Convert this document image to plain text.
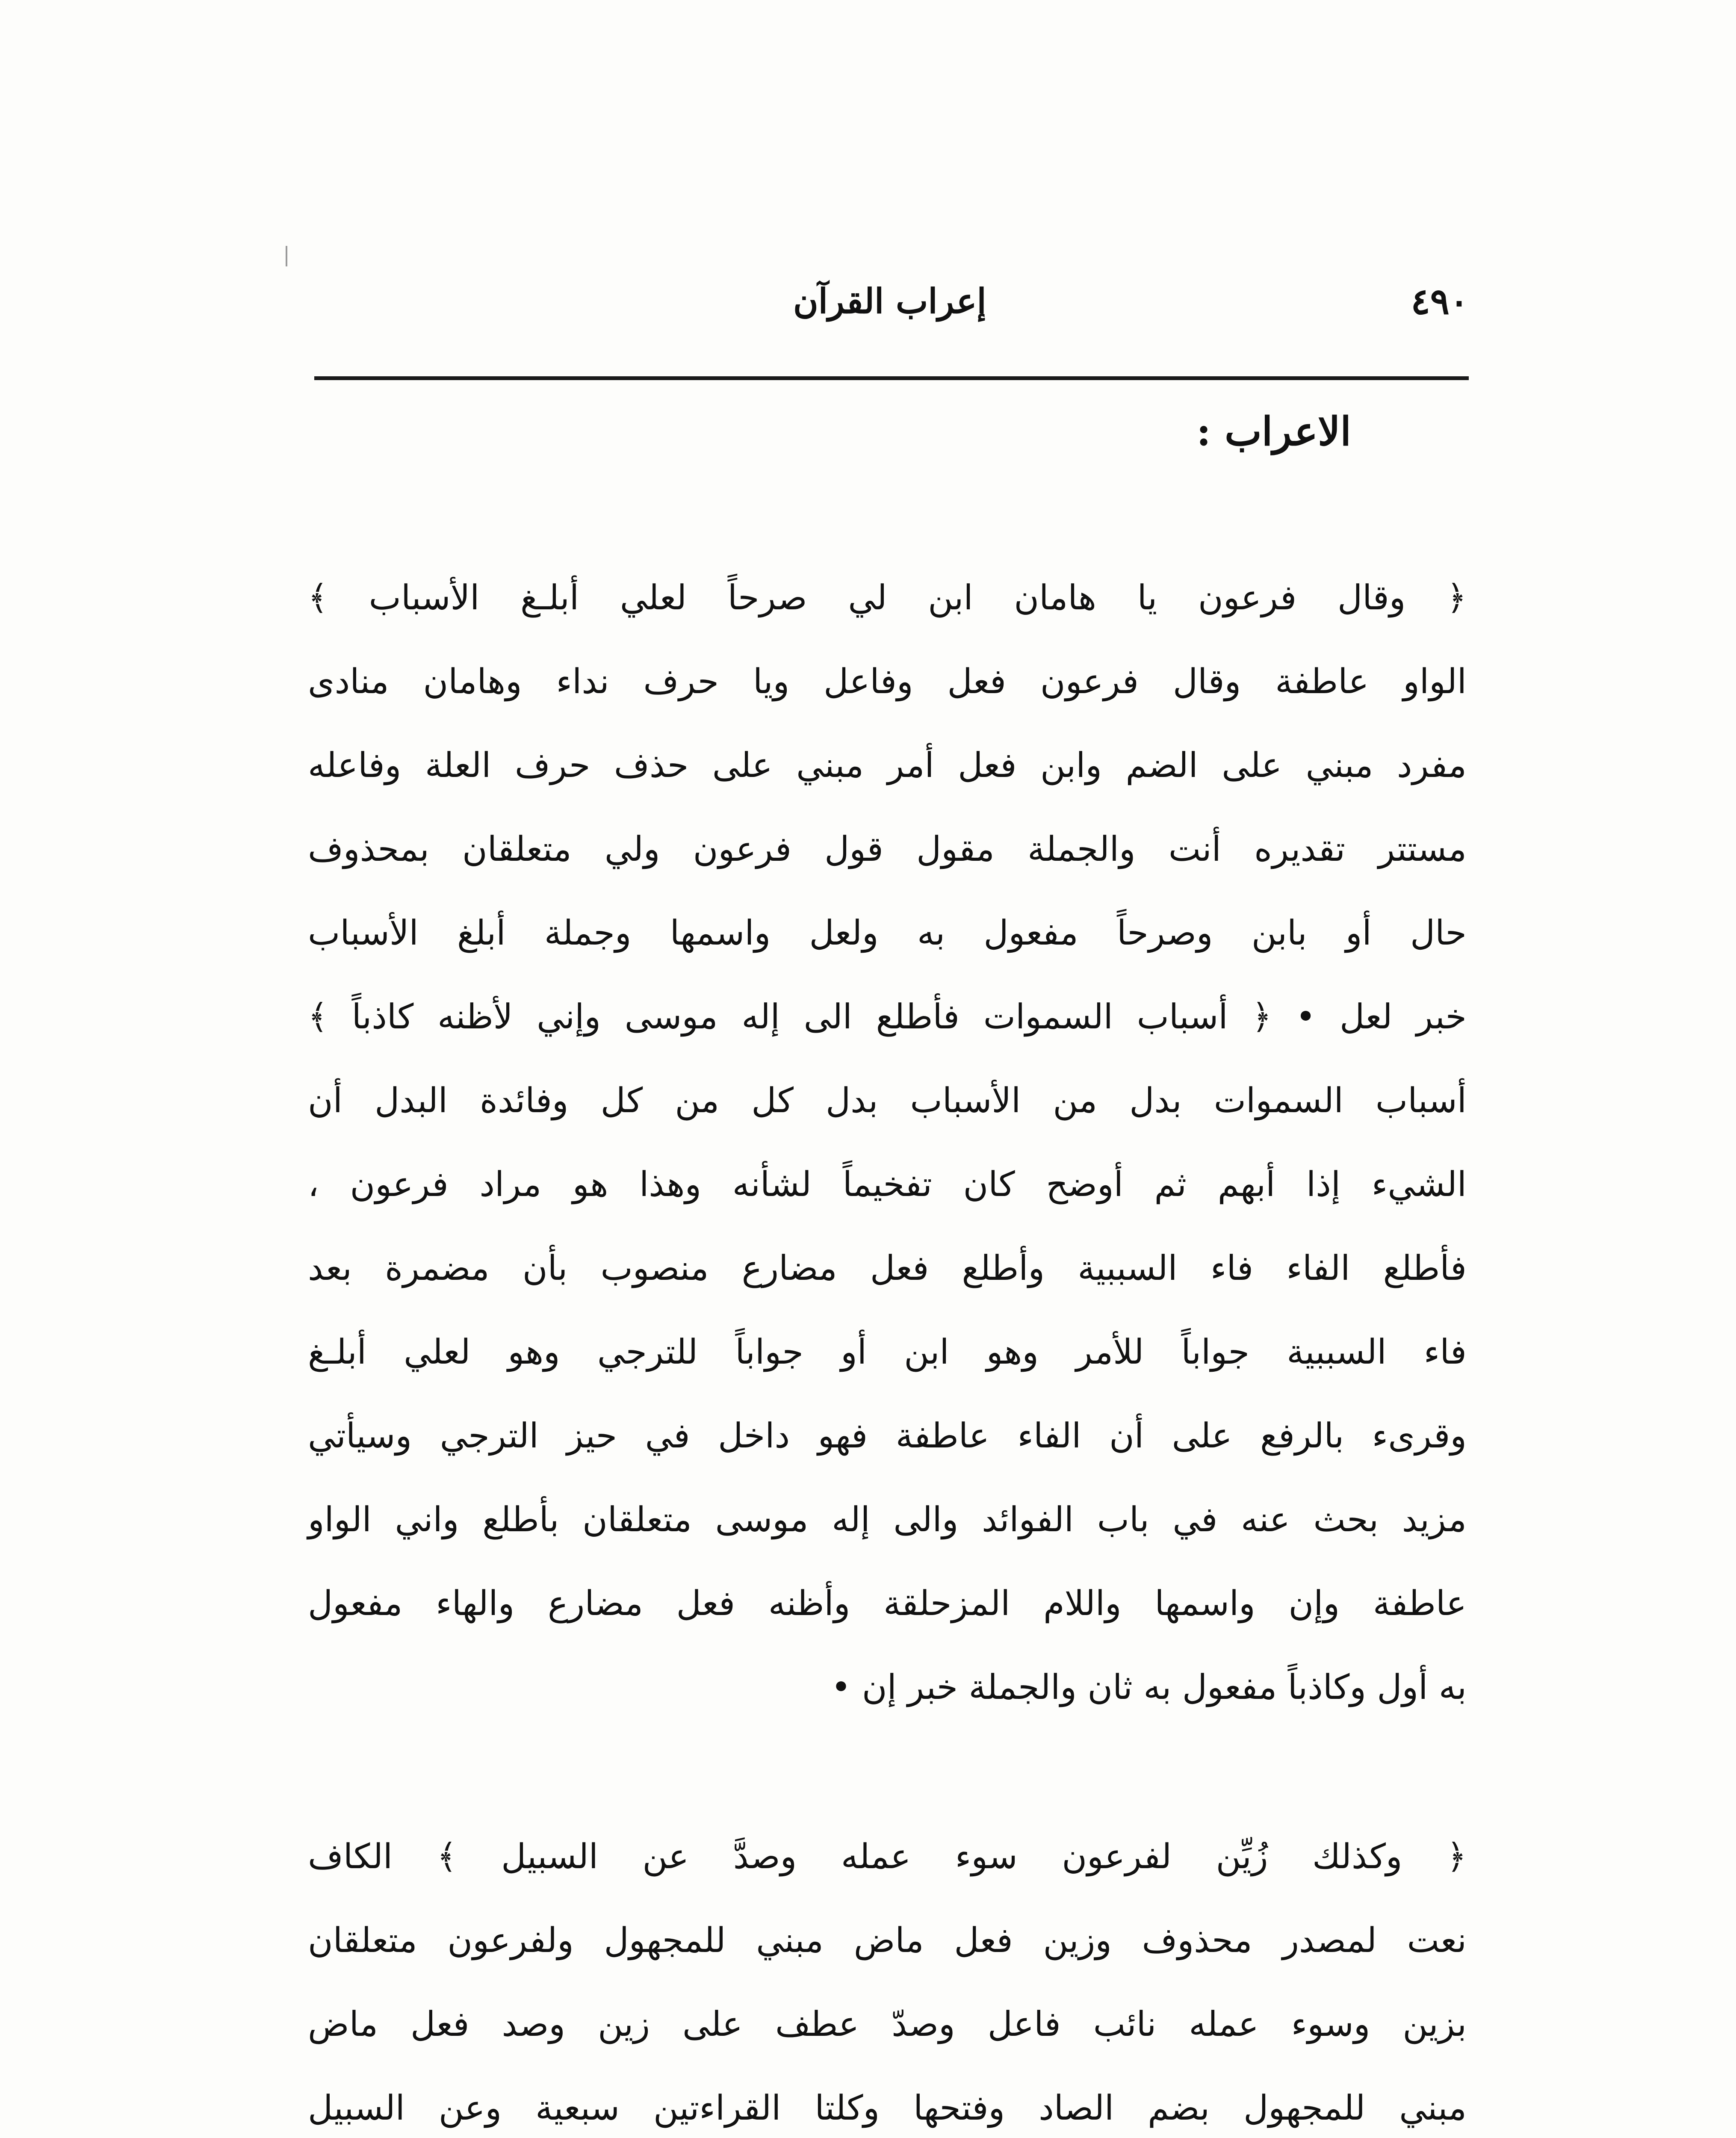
٤٩٠
إعراب القرآن
الاعراب :
﴿ وقال فرعون يا هامان ابن لي صرحاً لعلي أبلـغ الأسباب ﴾
الواو عاطفة وقال فرعون فعل وفاعل ويا حرف نداء وهامان منادى
مفرد مبني على الضم وابن فعل أمر مبني على حذف حرف العلة وفاعله
مستتر تقديره أنت والجملة مقول قول فرعون ولي متعلقان بمحذوف
حال أو بابن وصرحاً مفعول به ولعل واسمها وجملة أبلغ الأسباب
خبر لعل • ﴿ أسباب السموات فأطلع الى إله موسى وإني لأظنه كاذباً ﴾
أسباب السموات بدل من الأسباب بدل كل من كل وفائدة البدل أن
الشيء إذا أبهم ثم أوضح كان تفخيماً لشأنه وهذا هو مراد فرعون ،
فأطلع الفاء فاء السببية وأطلع فعل مضارع منصوب بأن مضمرة بعد
فاء السببية جواباً للأمر وهو ابن أو جواباً للترجي وهو لعلي أبلـغ
وقرىء بالرفع على أن الفاء عاطفة فهو داخل في حيز الترجي وسيأتي
مزيد بحث عنه في باب الفوائد والى إله موسى متعلقان بأطلع واني الواو
عاطفة وإن واسمها واللام المزحلقة وأظنه فعل مضارع والهاء مفعول
به أول وكاذباً مفعول به ثان والجملة خبر إن •
﴿ وكذلك زُيِّن لفرعون سوء عمله وصدَّ عن السبيل ﴾ الكاف
نعت لمصدر محذوف وزين فعل ماض مبني للمجهول ولفرعون متعلقان
بزين وسوء عمله نائب فاعل وصدّ عطف على زين وصد فعل ماض
مبني للمجهول بضم الصاد وفتحها وكلتا القراءتين سبعية وعن السبيل
